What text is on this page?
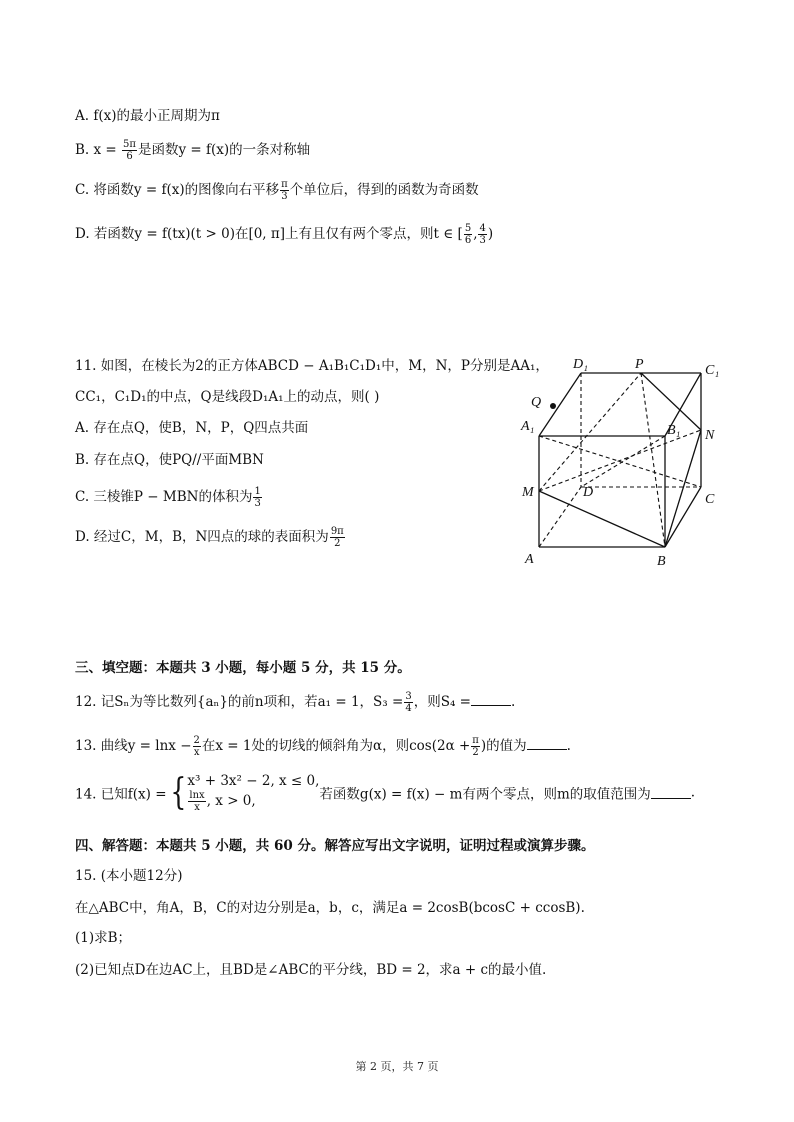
A. f(x)的最小正周期为π
B. $x = \frac{5\pi}{6}$ 是函数y = f(x)的一条对称轴
C. 将函数y = f(x)的图像向右平移 $\frac{\pi}{3}$ 个单位后，得到的函数为奇函数
D. 若函数y = f(tx)(t > 0)在[0, π]上有且仅有两个零点，则t ∈ [ $\frac{5}{6}$ , $\frac{4}{3}$ )
11. 如图，在棱长为2的正方体ABCD − A₁B₁C₁D₁中，M，N，P分别是AA₁，
CC₁，C₁D₁的中点，Q是线段D₁A₁上的动点，则( )
A. 存在点Q，使B，N，P，Q四点共面
B. 存在点Q，使PQ//平面MBN
C. 三棱锥P − MBN的体积为 $\frac{1}{3}$
D. 经过C，M，B，N四点的球的表面积为 $\frac{9\pi}{2}$
D₁	P	C₁
Q
A₁	B₁ N
M	D	C
A	B
三、填空题：本题共 3 小题，每小题 5 分，共 15 分。
12. 记Sₙ为等比数列{aₙ}的前n项和，若a₁ = 1，$S_3 = \frac{3}{4}$ ，则S₄ =	.
13. 曲线$y = \ln x - \frac{2}{x}$ 在x = 1处的切线的倾斜角为α，则$\cos(2\alpha + \frac{\pi}{2}$ )的值为	.
14. 已知f(x) ={ x³ + 3x² − 2, x ≤ 0,
$\frac{\ln x}{x}$ , x > 0,	若函数g(x) = f(x) − m有两个零点，则m的取值范围为	.
四、解答题：本题共 5 小题，共 60 分。解答应写出文字说明，证明过程或演算步骤。
15. (本小题12分)
在△ABC中，角A，B，C的对边分别是a，b，c，满足a = 2cosB(bcosC + ccosB).
(1)求B；
(2)已知点D在边AC上，且BD是∠ABC的平分线，BD = 2，求a + c的最小值.
第 2 页，共 7 页
